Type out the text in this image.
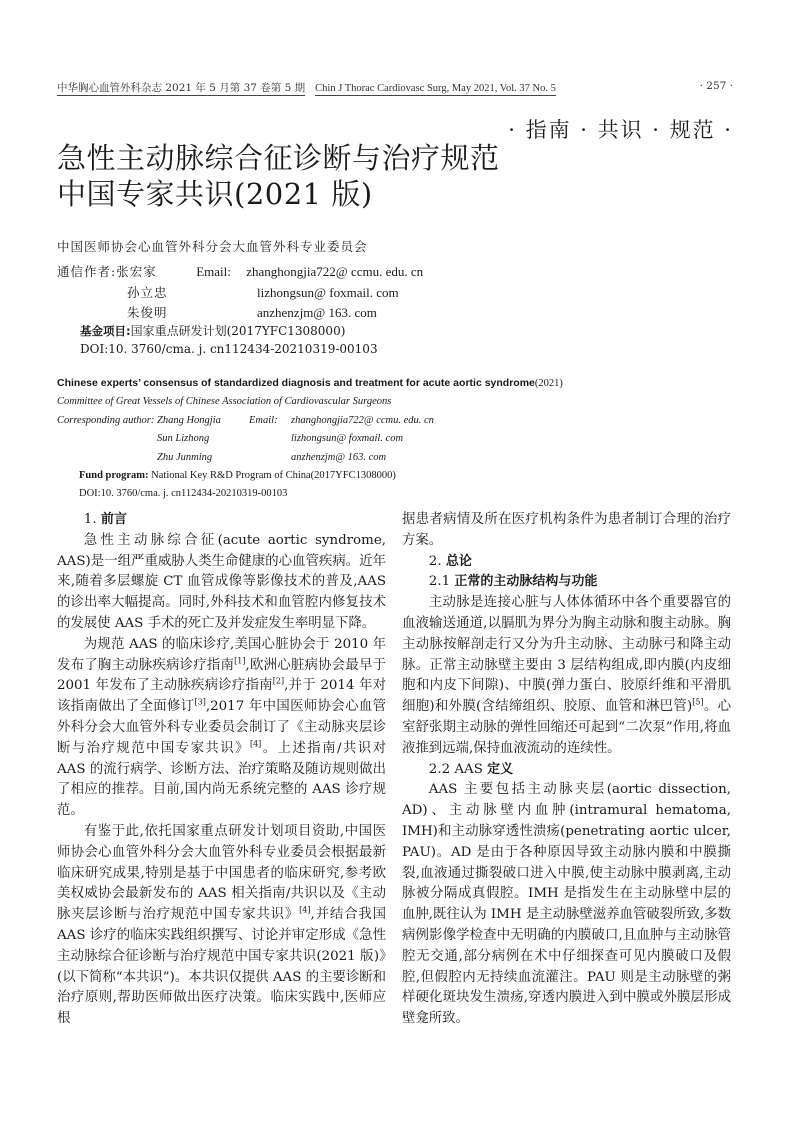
中华胸心血管外科杂志 2021 年 5 月第 37 卷第 5 期 Chin J Thorac Cardiovasc Surg, May 2021, Vol. 37 No. 5	· 257 ·
· 指南 · 共识 · 规范 ·
急性主动脉综合征诊断与治疗规范
中国专家共识(2021 版)
中国医师协会心血管外科分会大血管外科专业委员会
通信作者: 张宏家	Email:	zhanghongjia722@ ccmu. edu. cn
孙立忠	lizhongsun@ foxmail. com
朱俊明	anzhenzjm@ 163. com
基金项目:国家重点研发计划(2017YFC1308000)
DOI:10. 3760/cma. j. cn112434-20210319-00103
Chinese experts’ consensus of standardized diagnosis and treatment for acute aortic syndrome(2021)
Committee of Great Vessels of Chinese Association of Cardiovascular Surgeons
Corresponding author: Zhang Hongjia	Email:	zhanghongjia722@ ccmu. edu. cn
Sun Lizhong	lizhongsun@ foxmail. com
Zhu Junming	anzhenzjm@ 163. com
Fund program: National Key R&D Program of China(2017YFC1308000)
DOI:10. 3760/cma. j. cn112434-20210319-00103
1. 前言

急性主动脉综合征(acute aortic syndrome, AAS)是一组严重威胁人类生命健康的心血管疾病。近年来,随着多层螺旋 CT 血管成像等影像技术的普及,AAS 的诊出率大幅提高。同时,外科技术和血管腔内修复技术的发展使 AAS 手术的死亡及并发症发生率明显下降。

为规范 AAS 的临床诊疗,美国心脏协会于 2010 年发布了胸主动脉疾病诊疗指南[1],欧洲心脏病协会最早于 2001 年发布了主动脉疾病诊疗指南[2],并于 2014 年对该指南做出了全面修订[3],2017 年中国医师协会心血管外科分会大血管外科专业委员会制订了《主动脉夹层诊断与治疗规范中国专家共识》[4]。上述指南/共识对 AAS 的流行病学、诊断方法、治疗策略及随访规则做出了相应的推荐。目前,国内尚无系统完整的 AAS 诊疗规范。

有鉴于此,依托国家重点研发计划项目资助,中国医师协会心血管外科分会大血管外科专业委员会根据最新临床研究成果,特别是基于中国患者的临床研究,参考欧美权威协会最新发布的 AAS 相关指南/共识以及《主动脉夹层诊断与治疗规范中国专家共识》[4],并结合我国 AAS 诊疗的临床实践组织撰写、讨论并审定形成《急性主动脉综合征诊断与治疗规范中国专家共识(2021 版)》(以下简称“本共识”)。本共识仅提供 AAS 的主要诊断和治疗原则,帮助医师做出医疗决策。临床实践中,医师应根

据患者病情及所在医疗机构条件为患者制订合理的治疗方案。

2. 总论
2.1 正常的主动脉结构与功能

主动脉是连接心脏与人体体循环中各个重要器官的血液输送通道,以膈肌为界分为胸主动脉和腹主动脉。胸主动脉按解剖走行又分为升主动脉、主动脉弓和降主动脉。正常主动脉壁主要由 3 层结构组成,即内膜(内皮细胞和内皮下间隙)、中膜(弹力蛋白、胶原纤维和平滑肌细胞)和外膜(含结缔组织、胶原、血管和淋巴管)[5]。心室舒张期主动脉的弹性回缩还可起到“二次泵”作用,将血液推到远端,保持血液流动的连续性。

2.2 AAS 定义

AAS 主要包括主动脉夹层(aortic dissection, AD)、主动脉壁内血肿(intramural hematoma, IMH)和主动脉穿透性溃疡(penetrating aortic ulcer, PAU)。AD 是由于各种原因导致主动脉内膜和中膜撕裂,血液通过撕裂破口进入中膜,使主动脉中膜剥离,主动脉被分隔成真假腔。IMH 是指发生在主动脉壁中层的血肿,既往认为 IMH 是主动脉壁滋养血管破裂所致,多数病例影像学检查中无明确的内膜破口,且血肿与主动脉管腔无交通,部分病例在术中仔细探查可见内膜破口及假腔,但假腔内无持续血流灌注。PAU 则是主动脉壁的粥样硬化斑块发生溃疡,穿透内膜进入到中膜或外膜层形成壁龛所致。
